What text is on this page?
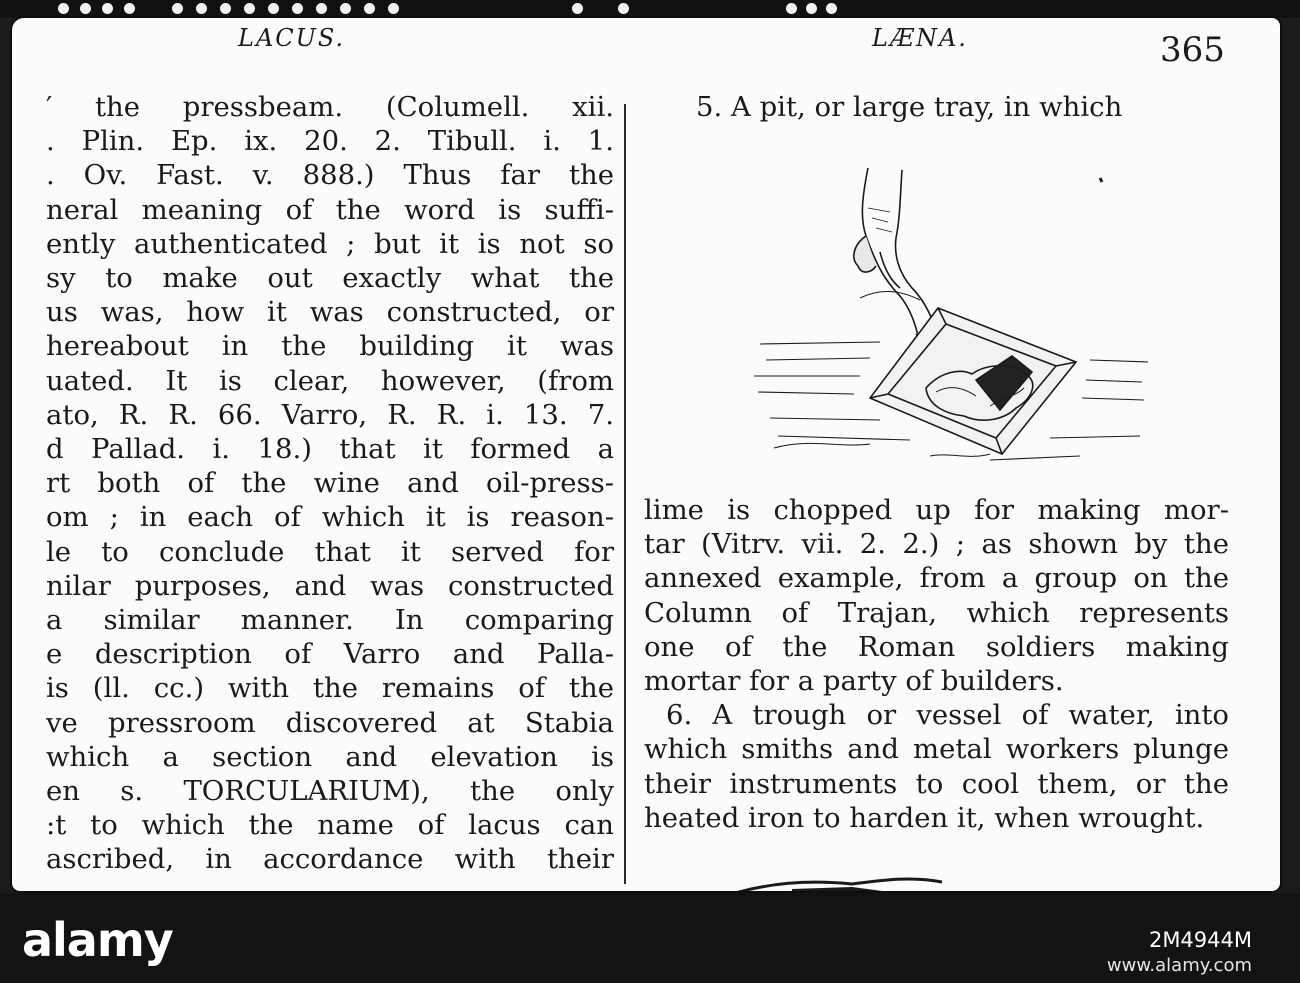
LACUS.	LÆNA.	365
′ the pressbeam. (Columell. xii.
. Plin. Ep. ix. 20. 2. Tibull. i. 1.
. Ov. Fast. v. 888.) Thus far the
neral meaning of the word is suffi-
ently authenticated ; but it is not so
sy to make out exactly what the
us was, how it was constructed, or
hereabout in the building it was
uated. It is clear, however, (from
ato, R. R. 66. Varro, R. R. i. 13. 7.
d Pallad. i. 18.) that it formed a
rt both of the wine and oil-press-
om ; in each of which it is reason-
le to conclude that it served for
nilar purposes, and was constructed
a similar manner. In comparing
e description of Varro and Palla-
is (ll. cc.) with the remains of the
ve pressroom discovered at Stabia
which a section and elevation is
en s. TORCULARIUM), the only
:t to which the name of lacus can
ascribed, in accordance with their
5. A pit, or large tray, in which
lime is chopped up for making mor-
tar (Vitrv. vii. 2. 2.) ; as shown by the
annexed example, from a group on the
Column of Trajan, which represents
one of the Roman soldiers making
mortar for a party of builders.
6. A trough or vessel of water, into
which smiths and metal workers plunge
their instruments to cool them, or the
heated iron to harden it, when wrought.
alamy	2M4944M
www.alamy.com
